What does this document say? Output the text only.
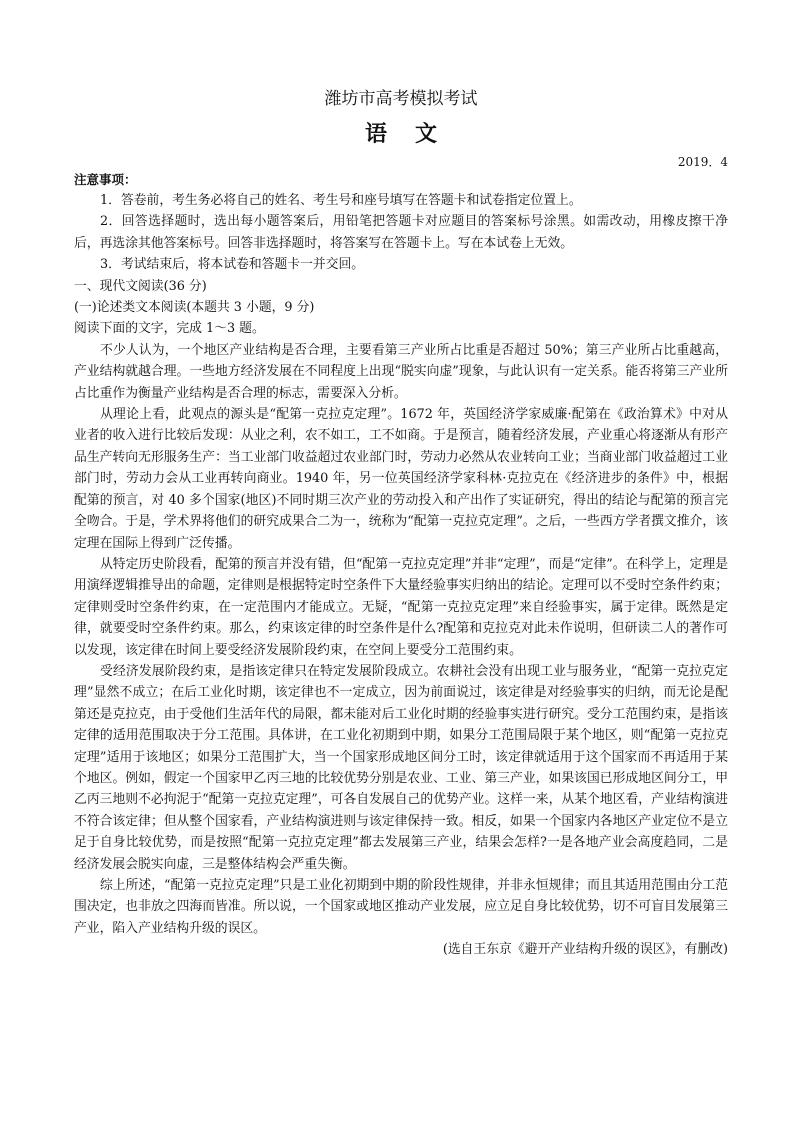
潍坊市高考模拟考试
语文
2019．4
注意事项：

1．答卷前，考生务必将自己的姓名、考生号和座号填写在答题卡和试卷指定位置上。

2．回答选择题时，选出每小题答案后，用铅笔把答题卡对应题目的答案标号涂黑。如需改动，用橡皮擦干净后，再选涂其他答案标号。回答非选择题时，将答案写在答题卡上。写在本试卷上无效。

3．考试结束后，将本试卷和答题卡一并交回。

一、现代文阅读(36 分)
(一)论述类文本阅读(本题共 3 小题，9 分)
阅读下面的文字，完成 1～3 题。

不少人认为，一个地区产业结构是否合理，主要看第三产业所占比重是否超过 50%；第三产业所占比重越高，产业结构就越合理。一些地方经济发展在不同程度上出现“脱实向虚”现象，与此认识有一定关系。能否将第三产业所占比重作为衡量产业结构是否合理的标志，需要深入分析。

从理论上看，此观点的源头是“配第一克拉克定理”。1672 年，英国经济学家威廉·配第在《政治算术》中对从业者的收入进行比较后发现：从业之利，农不如工，工不如商。于是预言，随着经济发展，产业重心将逐渐从有形产品生产转向无形服务生产：当工业部门收益超过农业部门时，劳动力必然从农业转向工业；当商业部门收益超过工业部门时，劳动力会从工业再转向商业。1940 年，另一位英国经济学家科林·克拉克在《经济进步的条件》中，根据配第的预言，对 40 多个国家(地区)不同时期三次产业的劳动投入和产出作了实证研究，得出的结论与配第的预言完全吻合。于是，学术界将他们的研究成果合二为一，统称为“配第一克拉克定理”。之后，一些西方学者撰文推介，该定理在国际上得到广泛传播。

从特定历史阶段看，配第的预言并没有错，但“配第一克拉克定理”并非“定理”，而是“定律”。在科学上，定理是用演绎逻辑推导出的命题，定律则是根据特定时空条件下大量经验事实归纳出的结论。定理可以不受时空条件约束；定律则受时空条件约束，在一定范围内才能成立。无疑，“配第一克拉克定理”来自经验事实，属于定律。既然是定律，就要受时空条件约束。那么，约束该定律的时空条件是什么?配第和克拉克对此未作说明，但研读二人的著作可以发现，该定律在时间上要受经济发展阶段约束，在空间上要受分工范围约束。

受经济发展阶段约束，是指该定律只在特定发展阶段成立。农耕社会没有出现工业与服务业，“配第一克拉克定理”显然不成立；在后工业化时期，该定律也不一定成立，因为前面说过，该定律是对经验事实的归纳，而无论是配第还是克拉克，由于受他们生活年代的局限，都未能对后工业化时期的经验事实进行研究。受分工范围约束，是指该定律的适用范围取决于分工范围。具体讲，在工业化初期到中期，如果分工范围局限于某个地区，则“配第一克拉克定理”适用于该地区；如果分工范围扩大，当一个国家形成地区间分工时，该定律就适用于这个国家而不再适用于某个地区。例如，假定一个国家甲乙丙三地的比较优势分别是农业、工业、第三产业，如果该国已形成地区间分工，甲乙丙三地则不必拘泥于“配第一克拉克定理”，可各自发展自己的优势产业。这样一来，从某个地区看，产业结构演进不符合该定律；但从整个国家看，产业结构演进则与该定律保持一致。相反，如果一个国家内各地区产业定位不是立足于自身比较优势，而是按照“配第一克拉克定理”都去发展第三产业，结果会怎样?一是各地产业会高度趋同，二是经济发展会脱实向虚，三是整体结构会严重失衡。

综上所述，“配第一克拉克定理”只是工业化初期到中期的阶段性规律，并非永恒规律；而且其适用范围由分工范围决定，也非放之四海而皆准。所以说，一个国家或地区推动产业发展，应立足自身比较优势，切不可盲目发展第三产业，陷入产业结构升级的误区。

(选自王东京《避开产业结构升级的误区》，有删改)
